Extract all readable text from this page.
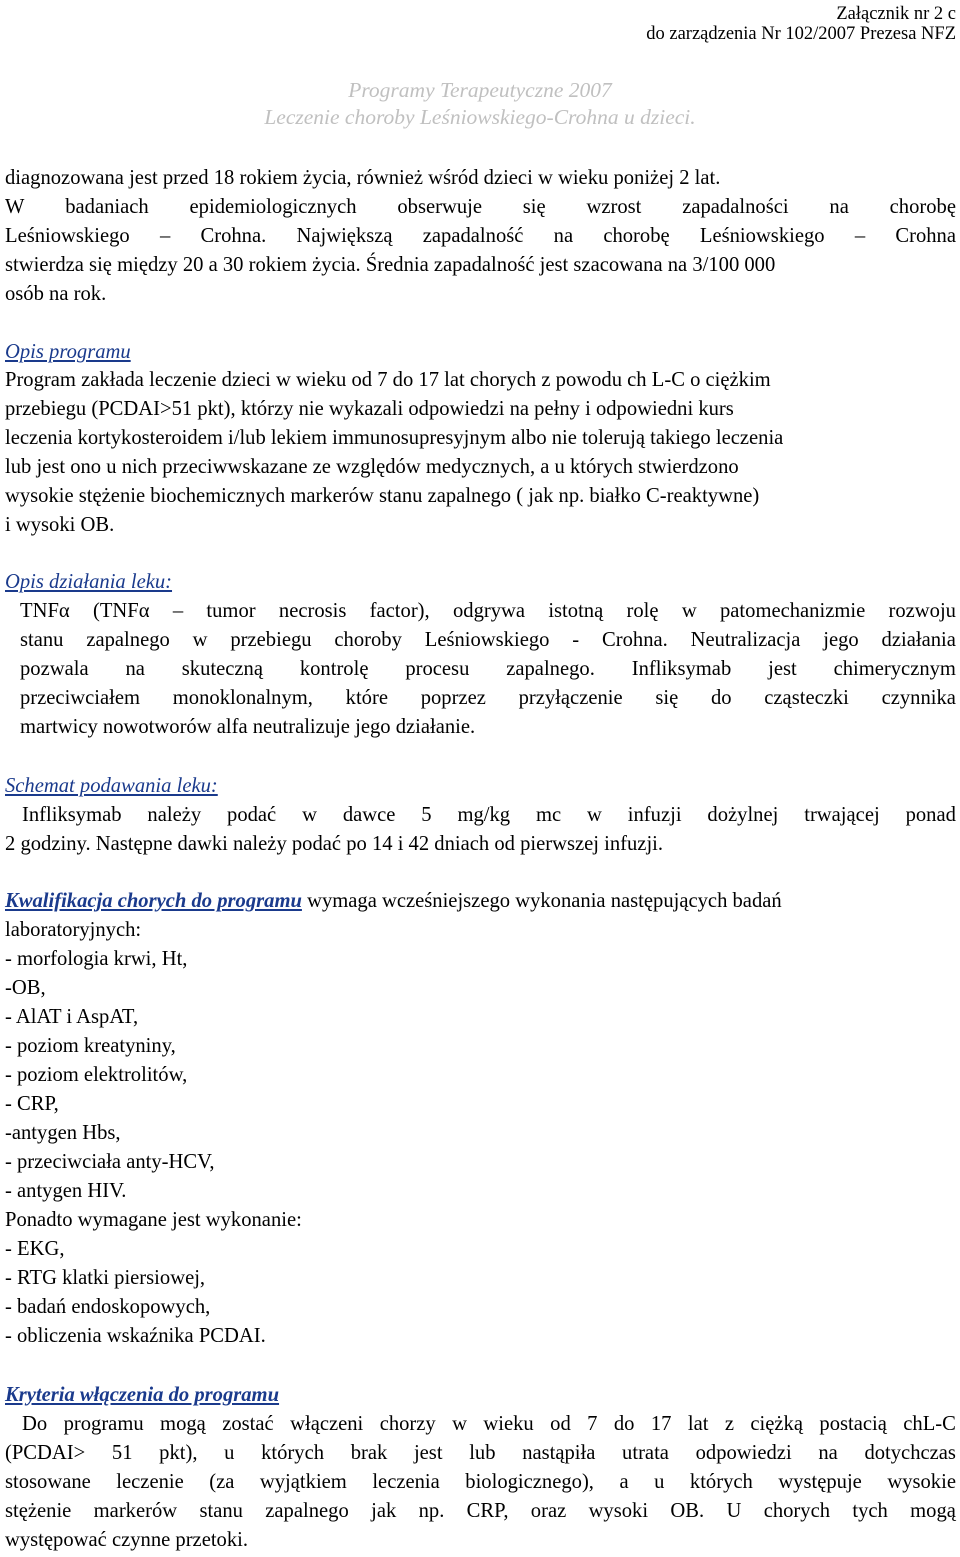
Załącznik nr 2 c
do zarządzenia Nr 102/2007 Prezesa NFZ
Programy Terapeutyczne 2007
Leczenie choroby Leśniowskiego-Crohna u dzieci.
diagnozowana jest przed 18 rokiem życia, również wśród dzieci w wieku poniżej 2 lat.
W badaniach epidemiologicznych obserwuje się wzrost zapadalności na chorobę
Leśniowskiego – Crohna. Największą zapadalność na chorobę Leśniowskiego – Crohna
stwierdza się między 20 a 30 rokiem życia. Średnia zapadalność jest szacowana na 3/100 000
osób na rok.
Opis programu
Program zakłada leczenie dzieci w wieku od 7 do 17 lat chorych z powodu ch L-C o ciężkim
przebiegu (PCDAI>51 pkt), którzy nie wykazali odpowiedzi na pełny i odpowiedni kurs
leczenia kortykosteroidem i/lub lekiem immunosupresyjnym albo nie tolerują takiego leczenia
lub jest ono u nich przeciwwskazane ze względów medycznych, a u których stwierdzono
wysokie stężenie biochemicznych markerów stanu zapalnego ( jak np. białko C-reaktywne)
i wysoki OB.
Opis działania leku:
TNFα (TNFα – tumor necrosis factor), odgrywa istotną rolę w patomechanizmie rozwoju
stanu zapalnego w przebiegu choroby Leśniowskiego - Crohna. Neutralizacja jego działania
pozwala na skuteczną kontrolę procesu zapalnego. Infliksymab jest chimerycznym
przeciwciałem monoklonalnym, które poprzez przyłączenie się do cząsteczki czynnika
martwicy nowotworów alfa neutralizuje jego działanie.
Schemat podawania leku:
Infliksymab należy podać w dawce 5 mg/kg mc w infuzji dożylnej trwającej ponad
2 godziny. Następne dawki należy podać po 14 i 42 dniach od pierwszej infuzji.
Kwalifikacja chorych do programu wymaga wcześniejszego wykonania następujących badań
laboratoryjnych:
- morfologia krwi, Ht,
-OB,
- AlAT i AspAT,
- poziom kreatyniny,
- poziom elektrolitów,
- CRP,
-antygen Hbs,
- przeciwciała anty-HCV,
- antygen HIV.
Ponadto wymagane jest wykonanie:
- EKG,
- RTG klatki piersiowej,
- badań endoskopowych,
- obliczenia wskaźnika PCDAI.
Kryteria włączenia do programu
Do programu mogą zostać włączeni chorzy w wieku od 7 do 17 lat z ciężką postacią chL-C
(PCDAI> 51 pkt), u których brak jest lub nastąpiła utrata odpowiedzi na dotychczas
stosowane leczenie (za wyjątkiem leczenia biologicznego), a u których występuje wysokie
stężenie markerów stanu zapalnego jak np. CRP, oraz wysoki OB. U chorych tych mogą
występować czynne przetoki.
